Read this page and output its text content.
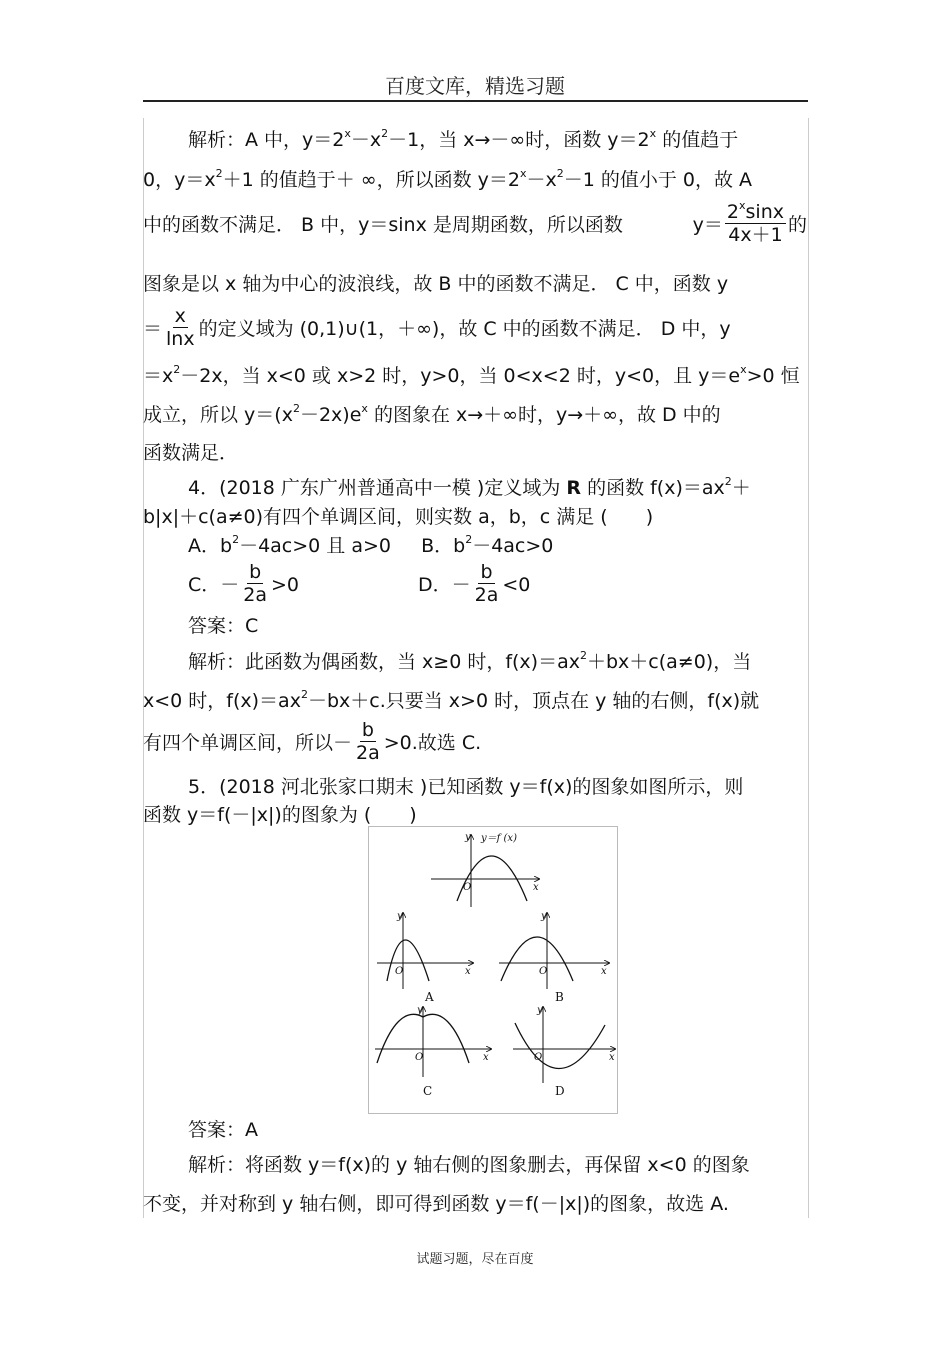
百度文库，精选习题
解析：A 中，$y=2^x-x^2-1$，当 x→－∞时，函数 $y=2^x$ 的值趋于
0，$y=x^2+1$ 的值趋于＋ ∞，所以函数 $y=2^x-x^2-1$ 的值小于 0，故 A
中的函数不满足． B 中，y＝sinx 是周期函数，所以函数	$y= \frac{2^x\sin x}{4x+1}$ 的
图象是以 x 轴为中心的波浪线，故 B 中的函数不满足． C 中，函数 y
＝ $\frac{x}{\ln x}$ 的定义域为 (0,1)∪(1，＋∞)，故 C 中的函数不满足． D 中，y
$=x^2-2x$，当 x<0 或 x>2 时，y>0，当 0<x<2 时，y<0，且 $y=e^x>0$ 恒
成立，所以 $y=(x^2-2x)e^x$ 的图象在 x→＋∞时，y→＋∞，故 D 中的
函数满足．
4．(2018 广东广州普通高中一模 )定义域为 R 的函数 $f(x)=ax^2+$
b|x|＋c(a≠0)有四个单调区间，则实数 a，b，c 满足 (　　)
A．$b^2-4ac>0$ 且 a>0 B．$b^2-4ac>0$
C．－ $\frac{b}{2a} >0$	D．－ $\frac{b}{2a} <0$
答案：C
解析：此函数为偶函数，当 x≥0 时，$f(x)=ax^2+bx+c(a\ne 0)$，当
x<0 时，$f(x)=ax^2-bx+c$.只要当 x>0 时，顶点在 y 轴的右侧，f(x)就
有四个单调区间，所以－ $\frac{b}{2a} >0$.故选 C.
5．(2018 河北张家口期末 )已知函数 y＝f(x)的图象如图所示，则
函数 y＝f(－|x|)的图象为 (　　)
y y＝f (x)
O	x
y
O	x
A
y
O	x
B
y
O	x
C
y
O	x
D
答案：A
解析：将函数 y＝f(x)的 y 轴右侧的图象删去，再保留 x<0 的图象
不变，并对称到 y 轴右侧，即可得到函数 y＝f(－|x|)的图象，故选 A.
试题习题，尽在百度
